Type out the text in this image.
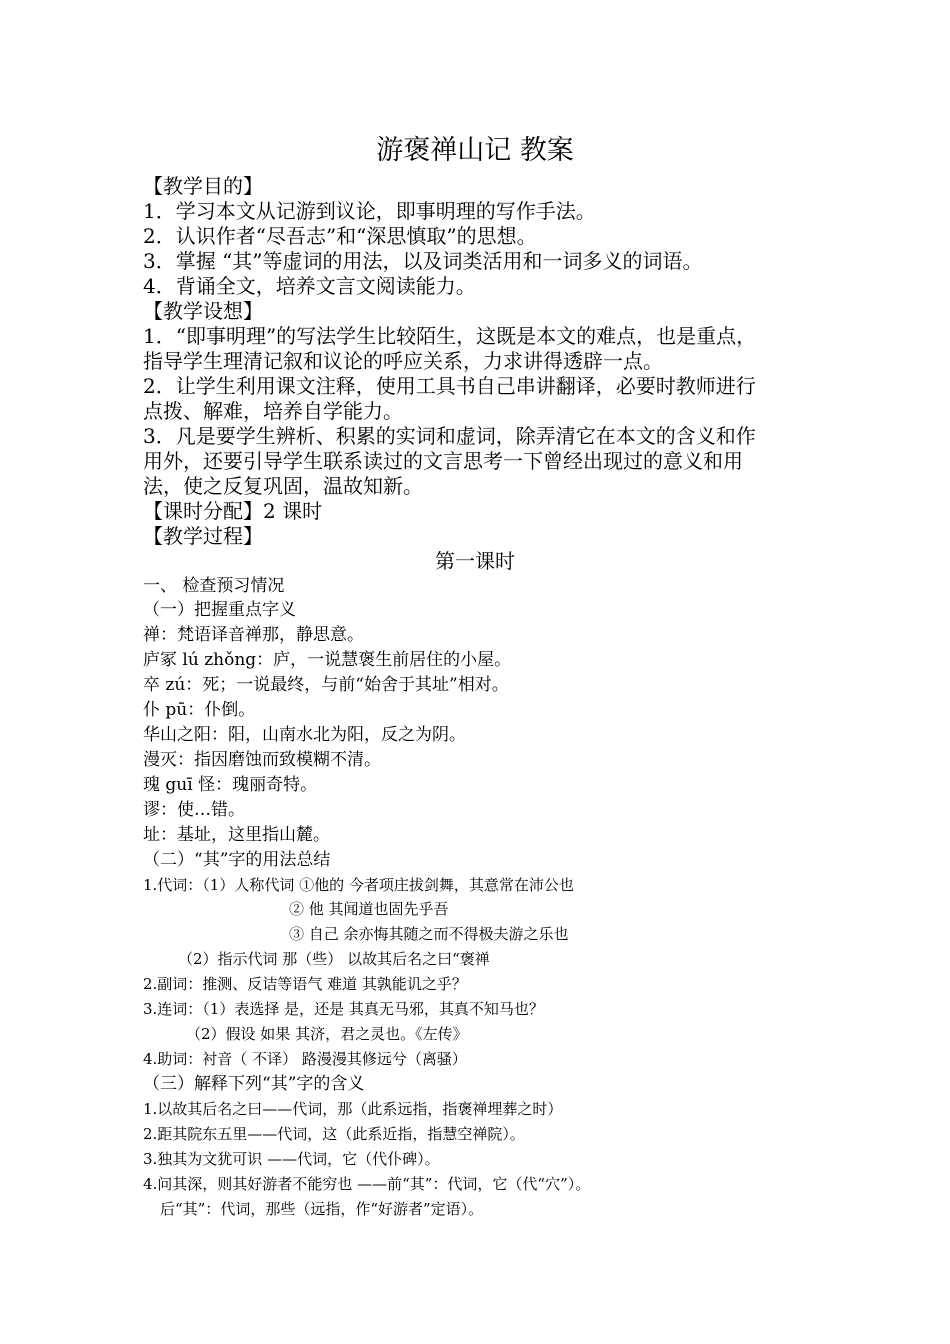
游褒禅山记 教案
【教学目的】
1．学习本文从记游到议论，即事明理的写作手法。
2．认识作者“尽吾志”和“深思慎取”的思想。
3．掌握 “其”等虚词的用法，以及词类活用和一词多义的词语。
4．背诵全文，培养文言文阅读能力。
【教学设想】
1．“即事明理”的写法学生比较陌生，这既是本文的难点，也是重点，
指导学生理清记叙和议论的呼应关系，力求讲得透辟一点。
2．让学生利用课文注释，使用工具书自己串讲翻译，必要时教师进行
点拨、解难，培养自学能力。
3．凡是要学生辨析、积累的实词和虚词，除弄清它在本文的含义和作
用外，还要引导学生联系读过的文言思考一下曾经出现过的意义和用
法，使之反复巩固，温故知新。
【课时分配】2 课时
【教学过程】
第一课时
一、 检查预习情况
（一）把握重点字义
禅：梵语译音禅那，静思意。
庐冢 lú zhǒng：庐，一说慧褒生前居住的小屋。
卒 zú：死；一说最终，与前“始舍于其址”相对。
仆 pū：仆倒。
华山之阳：阳，山南水北为阳，反之为阴。
漫灭：指因磨蚀而致模糊不清。
瑰 guī 怪：瑰丽奇特。
谬：使…错。
址：基址，这里指山麓。
（二）“其”字的用法总结
1.代词：（1）人称代词 ①他的 今者项庄拔剑舞，其意常在沛公也
② 他 其闻道也固先乎吾
③ 自己 余亦悔其随之而不得极夫游之乐也
（2）指示代词 那（些） 以故其后名之曰“褒禅
2.副词：推测、反诘等语气 难道 其孰能讥之乎？
3.连词：（1）表选择 是，还是 其真无马邪，其真不知马也？
（2）假设 如果 其济，君之灵也。《左传》
4.助词：衬音（ 不译） 路漫漫其修远兮（离骚）
（三）解释下列“其”字的含义
1.以故其后名之曰——代词，那（此系远指，指褒禅埋葬之时）
2.距其院东五里——代词，这（此系近指，指慧空禅院）。
3.独其为文犹可识 ——代词，它（代仆碑）。
4.问其深，则其好游者不能穷也 ——前“其”：代词，它（代“穴”）。
后“其”：代词，那些（远指，作“好游者”定语）。
